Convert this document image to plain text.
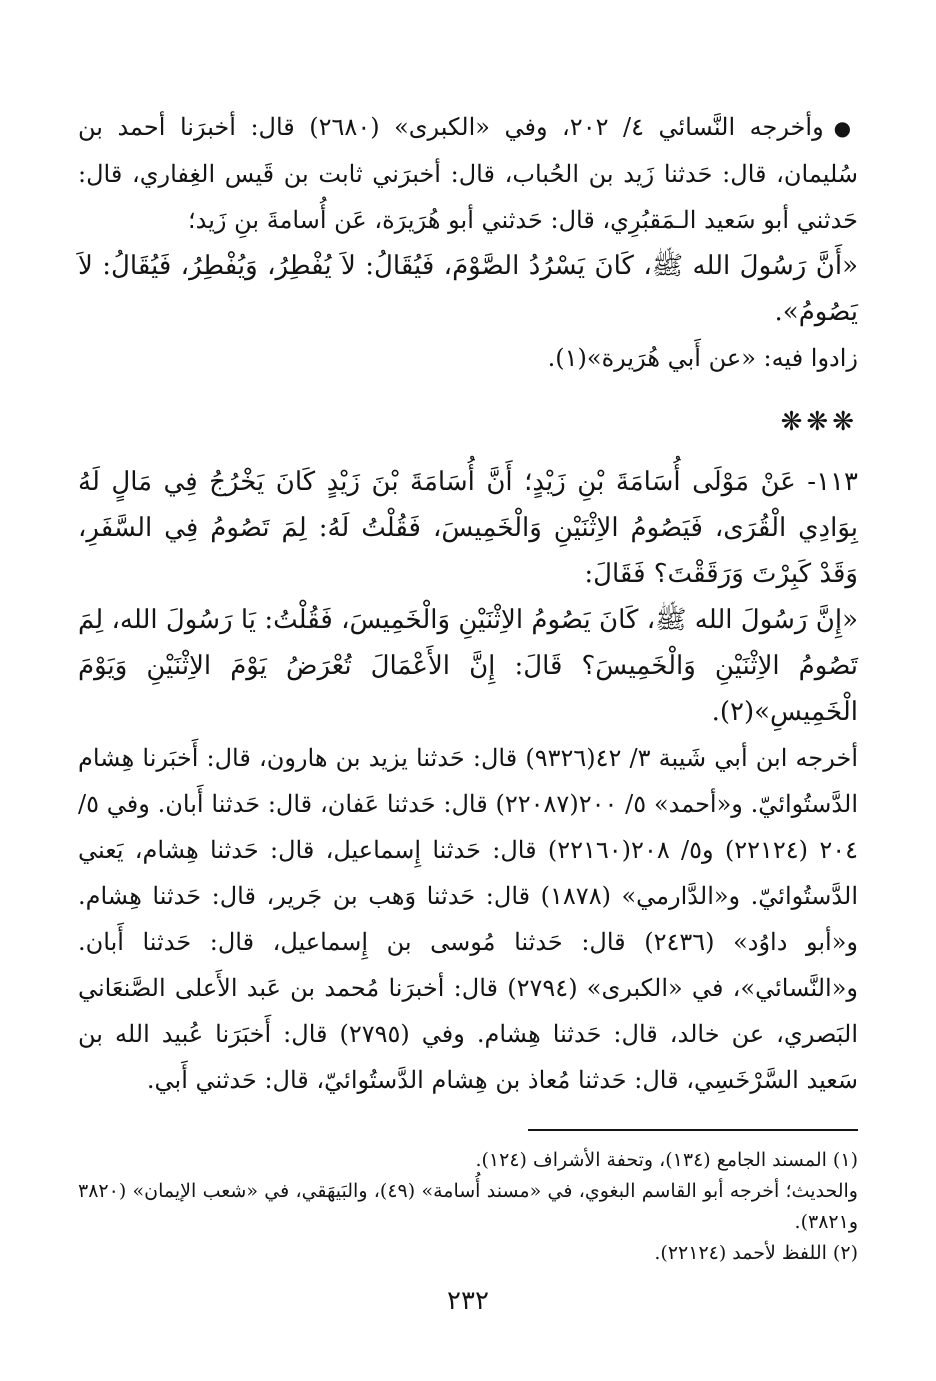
●وأخرجه النَّسائي ٤/ ٢٠٢، وفي «الكبرى» (٢٦٨٠) قال: أخبرَنا أحمد بن سُليمان، قال: حَدثنا زَيد بن الحُباب، قال: أخبرَني ثابت بن قَيس الغِفاري، قال: حَدثني أبو سَعيد الـمَقبُرِي، قال: حَدثني أبو هُرَيرَة، عَن أُسامةَ بنِ زَيد؛

«أَنَّ رَسُولَ الله ﷺ، كَانَ يَسْرُدُ الصَّوْمَ، فَيُقَالُ: لاَ يُفْطِرُ، وَيُفْطِرُ، فَيُقَالُ: لاَ يَصُومُ».

زادوا فيه: «عن أَبي هُرَيرة»(١).

❋❋❋

١١٣- عَنْ مَوْلَى أُسَامَةَ بْنِ زَيْدٍ؛ أَنَّ أُسَامَةَ بْنَ زَيْدٍ كَانَ يَخْرُجُ فِي مَالٍ لَهُ بِوَادِي الْقُرَى، فَيَصُومُ الاِثْنَيْنِ وَالْخَمِيسَ، فَقُلْتُ لَهُ: لِمَ تَصُومُ فِي السَّفَرِ، وَقَدْ كَبِرْتَ وَرَقَقْتَ؟ فَقَالَ:

«إِنَّ رَسُولَ الله ﷺ، كَانَ يَصُومُ الاِثْنَيْنِ وَالْخَمِيسَ، فَقُلْتُ: يَا رَسُولَ الله، لِمَ تَصُومُ الاِثْنَيْنِ وَالْخَمِيسَ؟ قَالَ: إِنَّ الأَعْمَالَ تُعْرَضُ يَوْمَ الاِثْنَيْنِ وَيَوْمَ الْخَمِيسِ»(٢).

أخرجه ابن أبي شَيبة ٣/ ٤٢(٩٣٢٦) قال: حَدثنا يزيد بن هارون، قال: أَخبَرنا هِشام الدَّستُوائيّ. و«أحمد» ٥/ ٢٠٠(٢٢٠٨٧) قال: حَدثنا عَفان، قال: حَدثنا أَبان. وفي ٥/ ٢٠٤ (٢٢١٢٤) و٥/ ٢٠٨(٢٢١٦٠) قال: حَدثنا إِسماعيل، قال: حَدثنا هِشام، يَعني الدَّستُوائيّ. و«الدَّارمي» (١٨٧٨) قال: حَدثنا وَهب بن جَرير، قال: حَدثنا هِشام. و«أبو داوُد» (٢٤٣٦) قال: حَدثنا مُوسى بن إِسماعيل، قال: حَدثنا أَبان. و«النَّسائي»، في «الكبرى» (٢٧٩٤) قال: أخبرَنا مُحمد بن عَبد الأَعلى الصَّنعَاني البَصري، عن خالد، قال: حَدثنا هِشام. وفي (٢٧٩٥) قال: أَخبَرَنا عُبيد الله بن سَعيد السَّرْخَسِي، قال: حَدثنا مُعاذ بن هِشام الدَّستُوائيّ، قال: حَدثني أَبي.

(١) المسند الجامع (١٣٤)، وتحفة الأشراف (١٢٤).

والحديث؛ أخرجه أبو القاسم البغوي، في «مسند أُسامة» (٤٩)، والبَيهَقي، في «شعب الإيمان» (٣٨٢٠ و٣٨٢١).

(٢) اللفظ لأحمد (٢٢١٢٤).

٢٣٢
